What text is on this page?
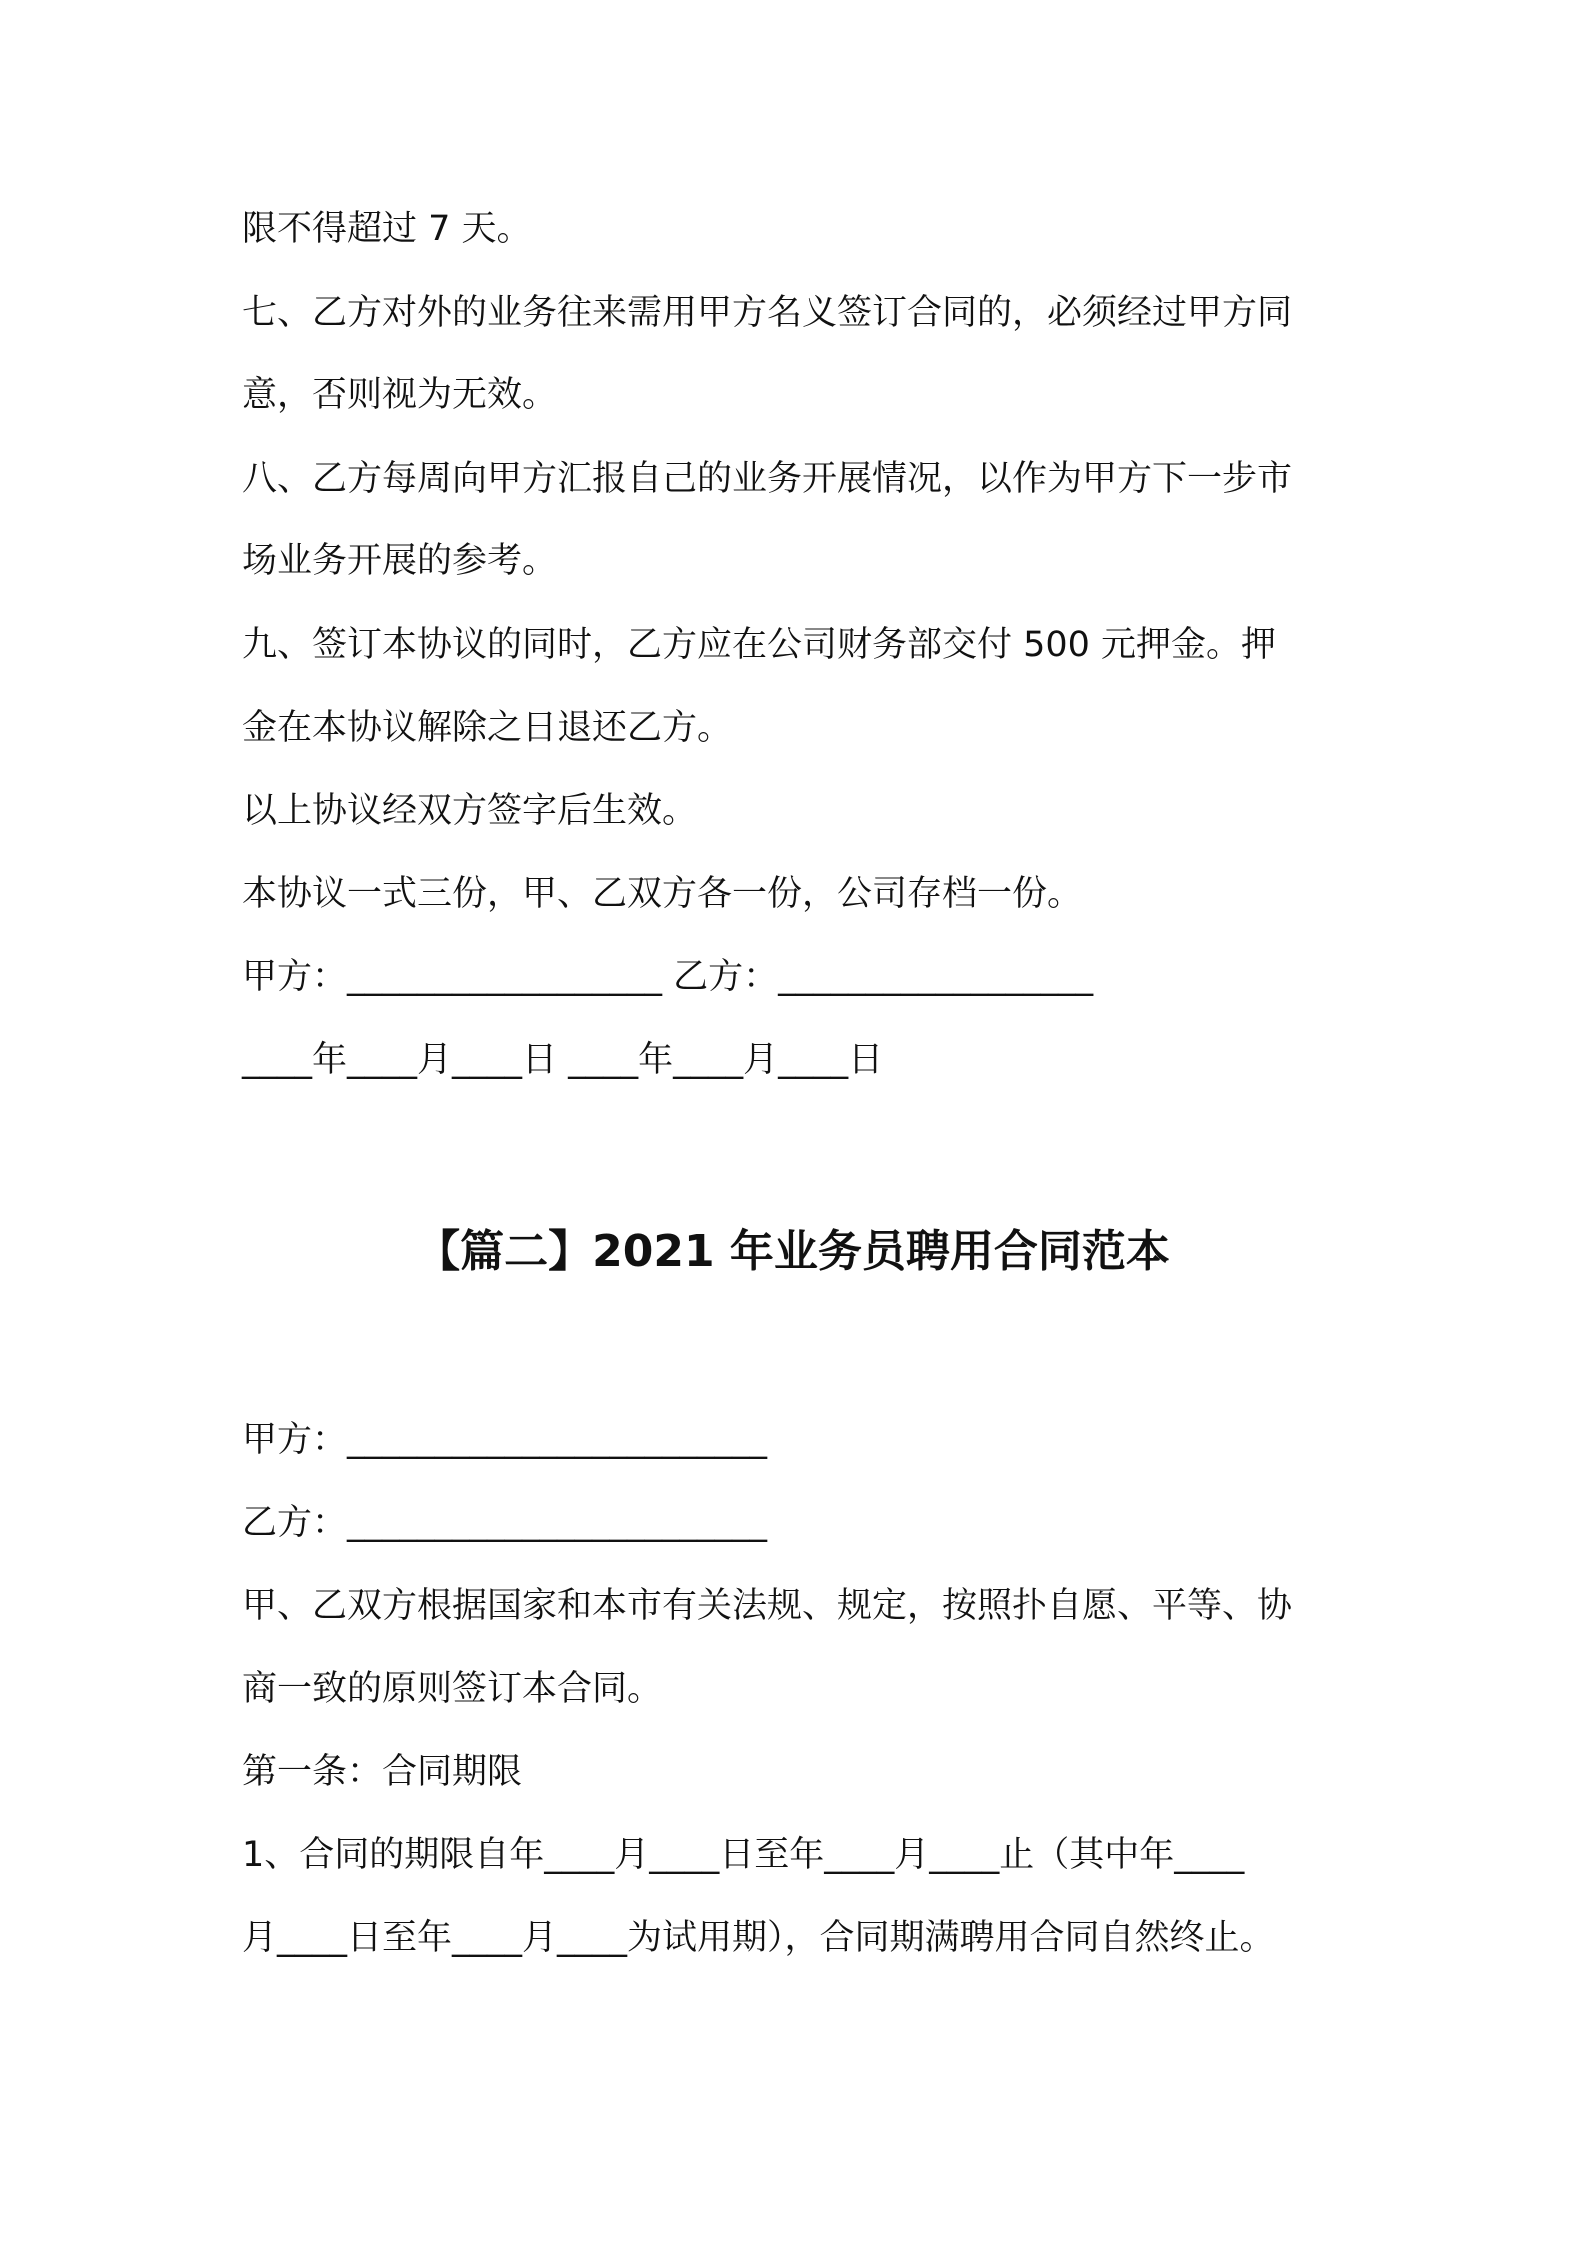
限不得超过 7 天。
七、乙方对外的业务往来需用甲方名义签订合同的，必须经过甲方同
意，否则视为无效。
八、乙方每周向甲方汇报自己的业务开展情况，以作为甲方下一步市
场业务开展的参考。
九、签订本协议的同时，乙方应在公司财务部交付 500 元押金。押
金在本协议解除之日退还乙方。
以上协议经双方签字后生效。
本协议一式三份，甲、乙双方各一份，公司存档一份。
甲方：__________________ 乙方：__________________
____年____月____日 ____年____月____日
【篇二】2021 年业务员聘用合同范本
甲方：________________________
乙方：________________________
甲、乙双方根据国家和本市有关法规、规定，按照扑自愿、平等、协
商一致的原则签订本合同。
第一条：合同期限
1、合同的期限自年____月____日至年____月____止（其中年____
月____日至年____月____为试用期），合同期满聘用合同自然终止。
